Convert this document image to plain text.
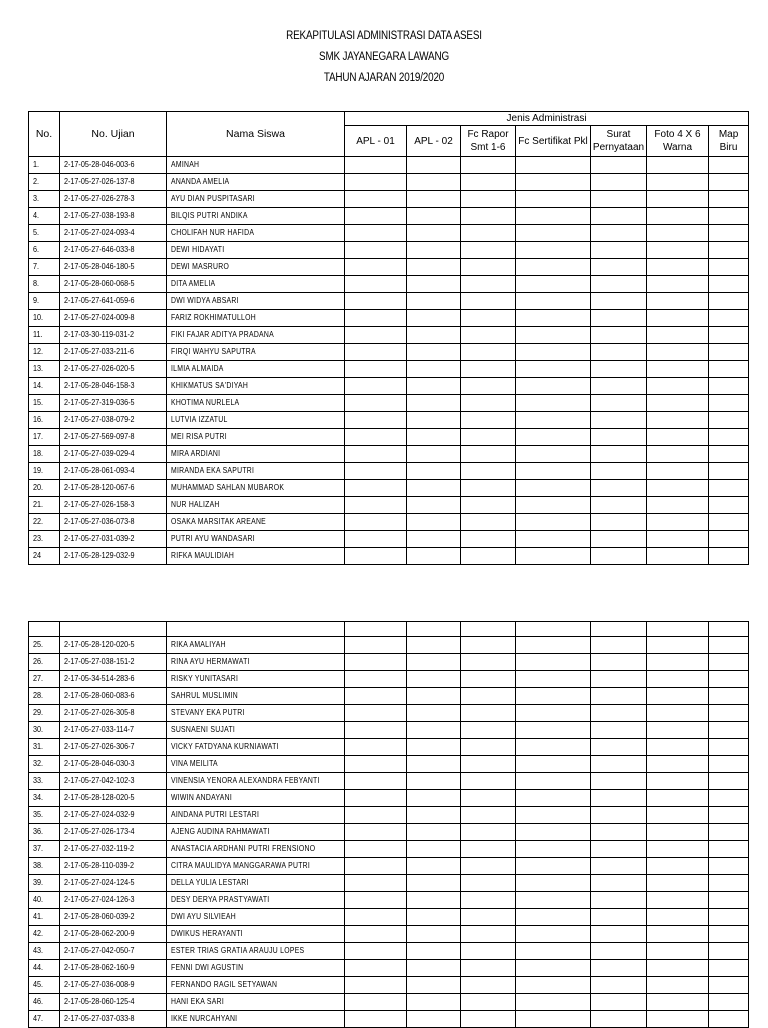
REKAPITULASI ADMINISTRASI DATA ASESI
SMK JAYANEGARA LAWANG
TAHUN AJARAN 2019/2020
No.	No. Ujian	Nama Siswa	Jenis Administrasi						
			APL - 01	APL - 02	Fc Rapor Smt 1-6	Fc Sertifikat Pkl	Surat Pernyataan	Foto 4 X 6 Warna	Map Biru
1.	2-17-05-28-046-003-6	AMINAH							
2.	2-17-05-27-026-137-8	ANANDA AMELIA							
3.	2-17-05-27-026-278-3	AYU DIAN PUSPITASARI							
4.	2-17-05-27-038-193-8	BILQIS PUTRI ANDIKA							
5.	2-17-05-27-024-093-4	CHOLIFAH NUR HAFIDA							
6.	2-17-05-27-646-033-8	DEWI HIDAYATI							
7.	2-17-05-28-046-180-5	DEWI MASRURO							
8.	2-17-05-28-060-068-5	DITA AMELIA							
9.	2-17-05-27-641-059-6	DWI WIDYA ABSARI							
10.	2-17-05-27-024-009-8	FARIZ ROKHIMATULLOH							
11.	2-17-03-30-119-031-2	FIKI FAJAR ADITYA PRADANA							
12.	2-17-05-27-033-211-6	FIRQI WAHYU SAPUTRA							
13.	2-17-05-27-026-020-5	ILMIA ALMAIDA							
14.	2-17-05-28-046-158-3	KHIKMATUS SA'DIYAH							
15.	2-17-05-27-319-036-5	KHOTIMA NURLELA							
16.	2-17-05-27-038-079-2	LUTVIA IZZATUL							
17.	2-17-05-27-569-097-8	MEI RISA PUTRI							
18.	2-17-05-27-039-029-4	MIRA ARDIANI							
19.	2-17-05-28-061-093-4	MIRANDA EKA SAPUTRI							
20.	2-17-05-28-120-067-6	MUHAMMAD SAHLAN MUBAROK							
21.	2-17-05-27-026-158-3	NUR HALIZAH							
22.	2-17-05-27-036-073-8	OSAKA MARSITAK AREANE							
23.	2-17-05-27-031-039-2	PUTRI AYU WANDASARI							
24	2-17-05-28-129-032-9	RIFKA MAULIDIAH							

25.	2-17-05-28-120-020-5	RIKA AMALIYAH							
26.	2-17-05-27-038-151-2	RINA AYU HERMAWATI							
27.	2-17-05-34-514-283-6	RISKY YUNITASARI							
28.	2-17-05-28-060-083-6	SAHRUL MUSLIMIN							
29.	2-17-05-27-026-305-8	STEVANY EKA PUTRI							
30.	2-17-05-27-033-114-7	SUSNAENI SUJATI							
31.	2-17-05-27-026-306-7	VICKY FATDYANA KURNIAWATI							
32.	2-17-05-28-046-030-3	VINA MEILITA							
33.	2-17-05-27-042-102-3	VINENSIA YENORA ALEXANDRA FEBYANTI							
34.	2-17-05-28-128-020-5	WIWIN ANDAYANI							
35.	2-17-05-27-024-032-9	AINDANA PUTRI LESTARI							
36.	2-17-05-27-026-173-4	AJENG AUDINA RAHMAWATI							
37.	2-17-05-27-032-119-2	ANASTACIA ARDHANI PUTRI FRENSIONO							
38.	2-17-05-28-110-039-2	CITRA MAULIDYA MANGGARAWA PUTRI							
39.	2-17-05-27-024-124-5	DELLA YULIA LESTARI							
40.	2-17-05-27-024-126-3	DESY DERYA PRASTYAWATI							
41.	2-17-05-28-060-039-2	DWI AYU SILVIEAH							
42.	2-17-05-28-062-200-9	DWIKUS HERAYANTI							
43.	2-17-05-27-042-050-7	ESTER TRIAS GRATIA ARAUJU LOPES							
44.	2-17-05-28-062-160-9	FENNI DWI AGUSTIN							
45.	2-17-05-27-036-008-9	FERNANDO RAGIL SETYAWAN							
46.	2-17-05-28-060-125-4	HANI EKA SARI							
47.	2-17-05-27-037-033-8	IKKE NURCAHYANI							
